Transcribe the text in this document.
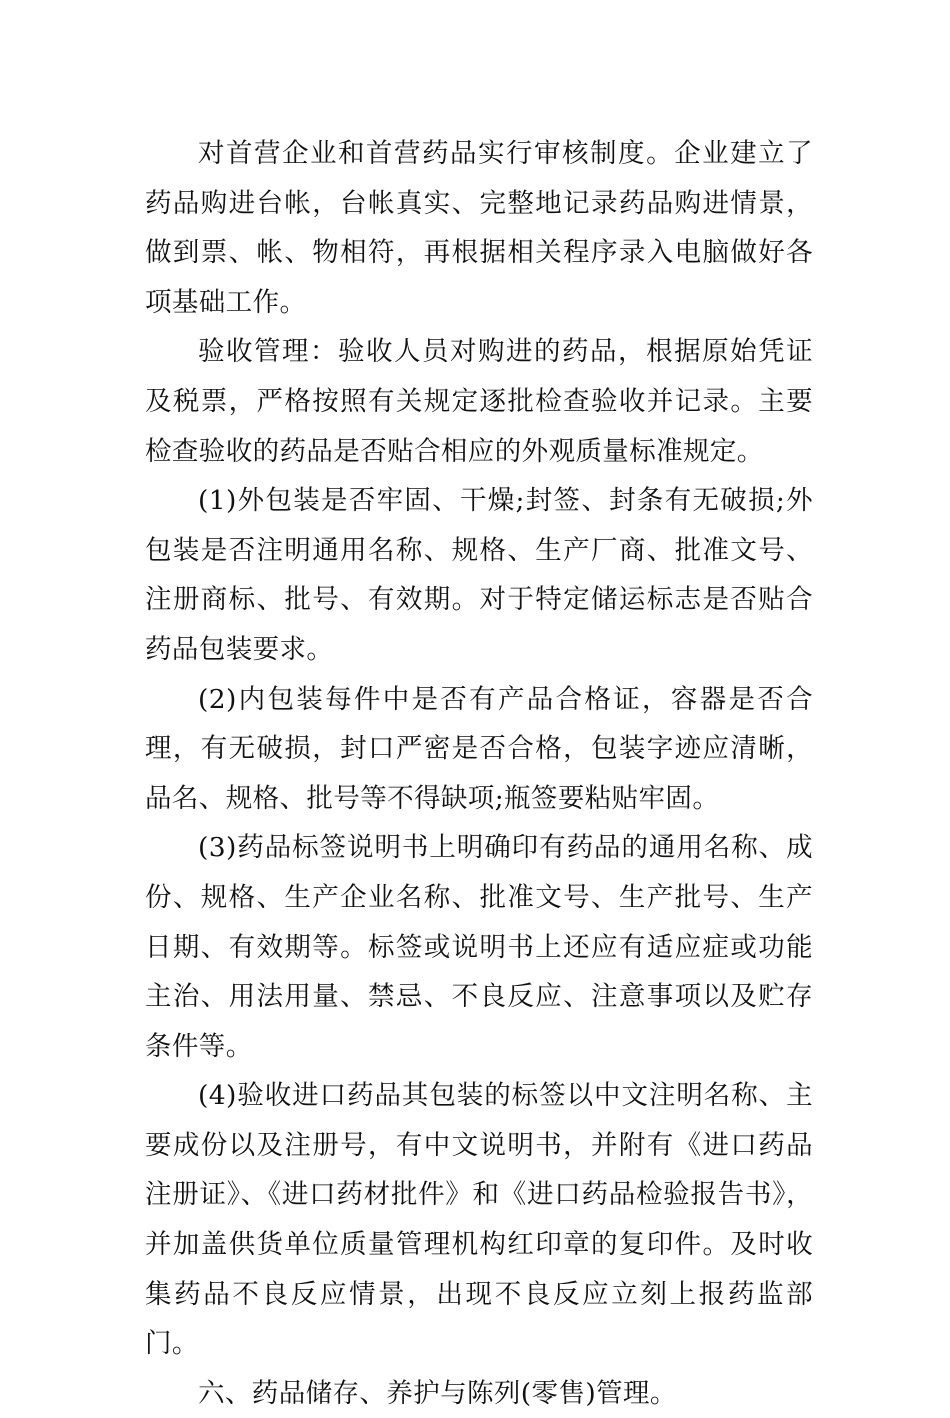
对首营企业和首营药品实行审核制度。企业建立了药品购进台帐，台帐真实、完整地记录药品购进情景，做到票、帐、物相符，再根据相关程序录入电脑做好各项基础工作。

验收管理：验收人员对购进的药品，根据原始凭证及税票，严格按照有关规定逐批检查验收并记录。主要检查验收的药品是否贴合相应的外观质量标准规定。

(1)外包装是否牢固、干燥;封签、封条有无破损;外包装是否注明通用名称、规格、生产厂商、批准文号、注册商标、批号、有效期。对于特定储运标志是否贴合药品包装要求。

(2)内包装每件中是否有产品合格证，容器是否合理，有无破损，封口严密是否合格，包装字迹应清晰，品名、规格、批号等不得缺项;瓶签要粘贴牢固。

(3)药品标签说明书上明确印有药品的通用名称、成份、规格、生产企业名称、批准文号、生产批号、生产日期、有效期等。标签或说明书上还应有适应症或功能主治、用法用量、禁忌、不良反应、注意事项以及贮存条件等。

(4)验收进口药品其包装的标签以中文注明名称、主要成份以及注册号，有中文说明书，并附有《进口药品注册证》、《进口药材批件》和《进口药品检验报告书》，并加盖供货单位质量管理机构红印章的复印件。及时收集药品不良反应情景，出现不良反应立刻上报药监部门。

六、药品储存、养护与陈列(零售)管理。
